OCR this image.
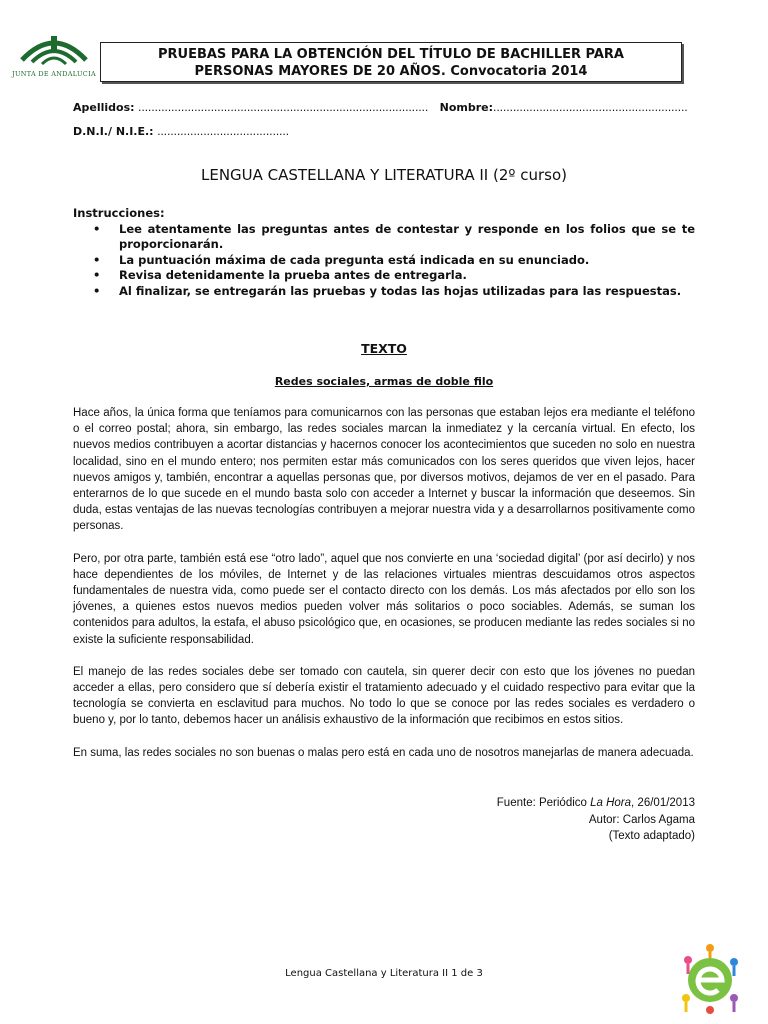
JUNTA DE ANDALUCIA
PRUEBAS PARA LA OBTENCIÓN DEL TÍTULO DE BACHILLER PARA
PERSONAS MAYORES DE 20 AÑOS. Convocatoria 2014
Apellidos: ........................................................................................ Nombre:...........................................................
D.N.I./ N.I.E.: ........................................
LENGUA CASTELLANA Y LITERATURA II (2º curso)
Instrucciones:
• Lee atentamente las preguntas antes de contestar y responde en los folios que se te proporcionarán.
• La puntuación máxima de cada pregunta está indicada en su enunciado.
• Revisa detenidamente la prueba antes de entregarla.
• Al finalizar, se entregarán las pruebas y todas las hojas utilizadas para las respuestas.
TEXTO
Redes sociales, armas de doble filo

Hace años, la única forma que teníamos para comunicarnos con las personas que estaban lejos era mediante el teléfono o el correo postal; ahora, sin embargo, las redes sociales marcan la inmediatez y la cercanía virtual. En efecto, los nuevos medios contribuyen a acortar distancias y hacernos conocer los acontecimientos que suceden no solo en nuestra localidad, sino en el mundo entero; nos permiten estar más comunicados con los seres queridos que viven lejos, hacer nuevos amigos y, también, encontrar a aquellas personas que, por diversos motivos, dejamos de ver en el pasado. Para enterarnos de lo que sucede en el mundo basta solo con acceder a Internet y buscar la información que deseemos. Sin duda, estas ventajas de las nuevas tecnologías contribuyen a mejorar nuestra vida y a desarrollarnos positivamente como personas.

Pero, por otra parte, también está ese “otro lado”, aquel que nos convierte en una ‘sociedad digital’ (por así decirlo) y nos hace dependientes de los móviles, de Internet y de las relaciones virtuales mientras descuidamos otros aspectos fundamentales de nuestra vida, como puede ser el contacto directo con los demás. Los más afectados por ello son los jóvenes, a quienes estos nuevos medios pueden volver más solitarios o poco sociables. Además, se suman los contenidos para adultos, la estafa, el abuso psicológico que, en ocasiones, se producen mediante las redes sociales si no existe la suficiente responsabilidad.

El manejo de las redes sociales debe ser tomado con cautela, sin querer decir con esto que los jóvenes no puedan acceder a ellas, pero considero que sí debería existir el tratamiento adecuado y el cuidado respectivo para evitar que la tecnología se convierta en esclavitud para muchos. No todo lo que se conoce por las redes sociales es verdadero o bueno y, por lo tanto, debemos hacer un análisis exhaustivo de la información que recibimos en estos sitios.

En suma, las redes sociales no son buenas o malas pero está en cada uno de nosotros manejarlas de manera adecuada.

Fuente: Periódico La Hora, 26/01/2013
Autor: Carlos Agama
(Texto adaptado)
Lengua Castellana y Literatura II 1 de 3
